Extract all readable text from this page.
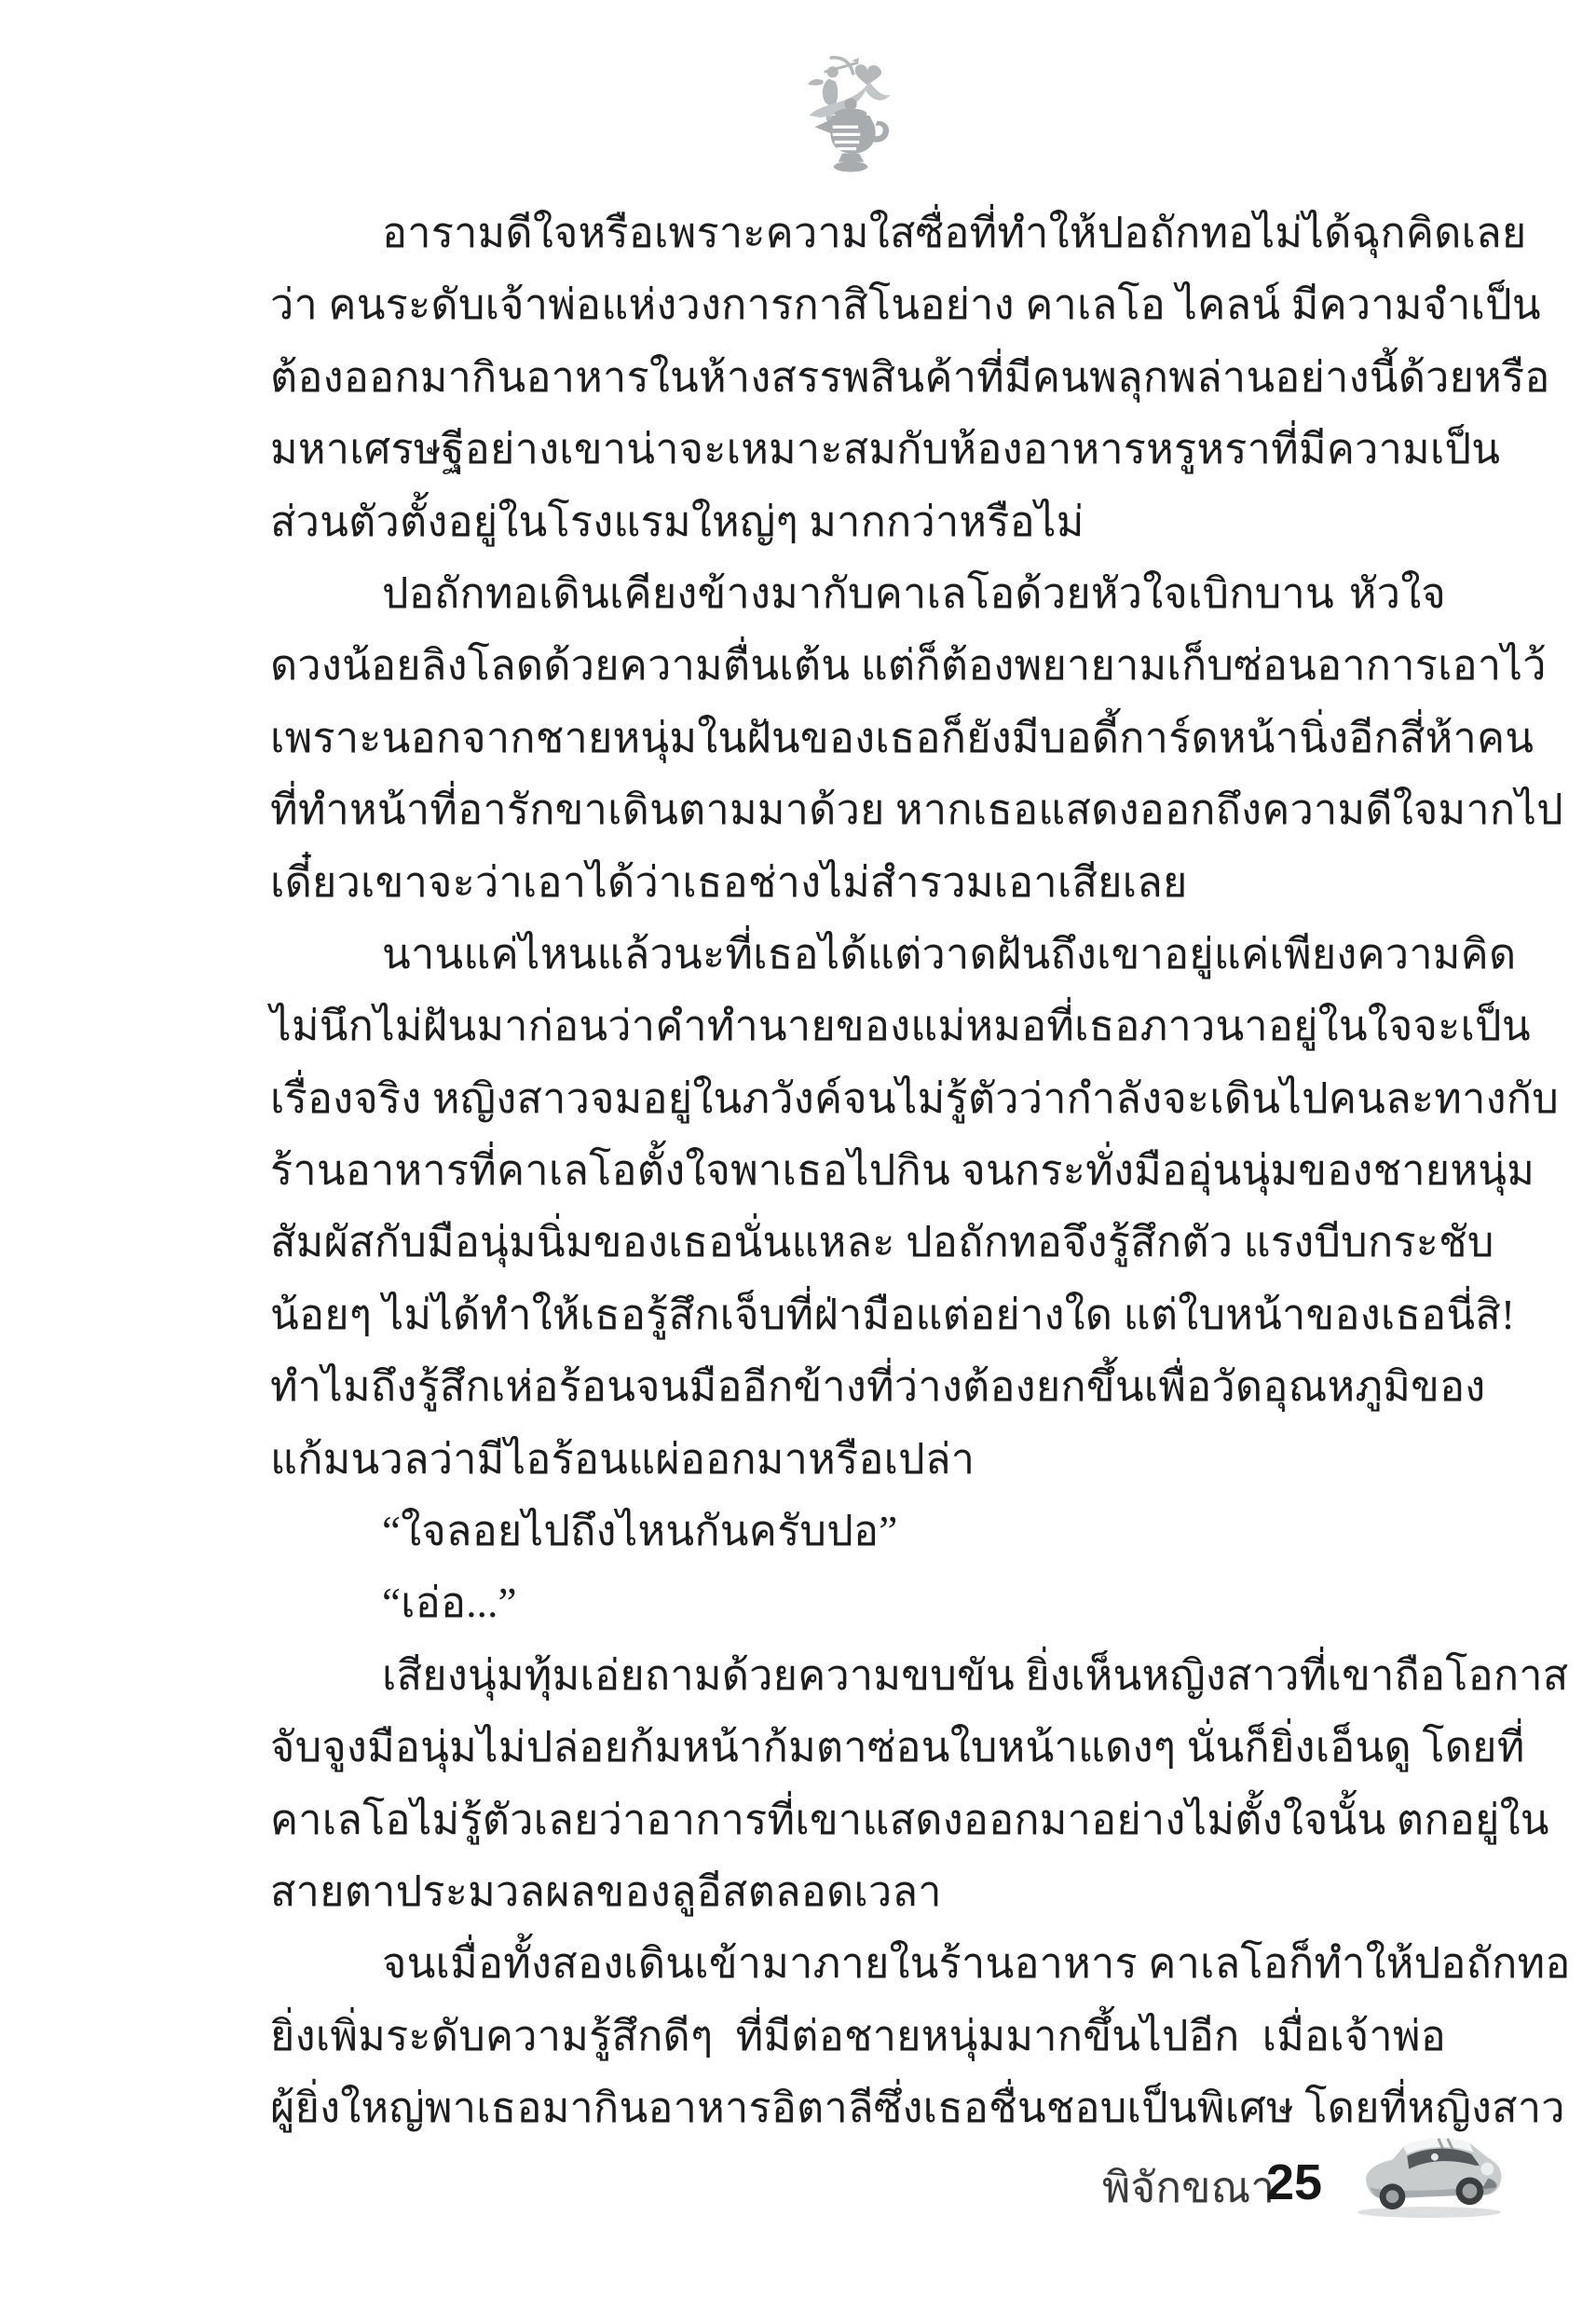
อารามดีใจหรือเพราะความใสซื่อที่ทำให้ปอถักทอไม่ได้ฉุกคิดเลย
ว่า คนระดับเจ้าพ่อแห่งวงการกาสิโนอย่าง คาเลโอ ไคลน์ มีความจำเป็น
ต้องออกมากินอาหารในห้างสรรพสินค้าที่มีคนพลุกพล่านอย่างนี้ด้วยหรือ
มหาเศรษฐีอย่างเขาน่าจะเหมาะสมกับห้องอาหารหรูหราที่มีความเป็น
ส่วนตัวตั้งอยู่ในโรงแรมใหญ่ๆ มากกว่าหรือไม่
ปอถักทอเดินเคียงข้างมากับคาเลโอด้วยหัวใจเบิกบาน หัวใจ
ดวงน้อยลิงโลดด้วยความตื่นเต้น แต่ก็ต้องพยายามเก็บซ่อนอาการเอาไว้
เพราะนอกจากชายหนุ่มในฝันของเธอก็ยังมีบอดี้การ์ดหน้านิ่งอีกสี่ห้าคน
ที่ทำหน้าที่อารักขาเดินตามมาด้วย หากเธอแสดงออกถึงความดีใจมากไป
เดี๋ยวเขาจะว่าเอาได้ว่าเธอช่างไม่สำรวมเอาเสียเลย
นานแค่ไหนแล้วนะที่เธอได้แต่วาดฝันถึงเขาอยู่แค่เพียงความคิด
ไม่นึกไม่ฝันมาก่อนว่าคำทำนายของแม่หมอที่เธอภาวนาอยู่ในใจจะเป็น
เรื่องจริง หญิงสาวจมอยู่ในภวังค์จนไม่รู้ตัวว่ากำลังจะเดินไปคนละทางกับ
ร้านอาหารที่คาเลโอตั้งใจพาเธอไปกิน จนกระทั่งมืออุ่นนุ่มของชายหนุ่ม
สัมผัสกับมือนุ่มนิ่มของเธอนั่นแหละ ปอถักทอจึงรู้สึกตัว แรงบีบกระชับ
น้อยๆ ไม่ได้ทำให้เธอรู้สึกเจ็บที่ฝ่ามือแต่อย่างใด แต่ใบหน้าของเธอนี่สิ!
ทำไมถึงรู้สึกเห่อร้อนจนมืออีกข้างที่ว่างต้องยกขึ้นเพื่อวัดอุณหภูมิของ
แก้มนวลว่ามีไอร้อนแผ่ออกมาหรือเปล่า
“ใจลอยไปถึงไหนกันครับปอ”
“เอ่อ...”
เสียงนุ่มทุ้มเอ่ยถามด้วยความขบขัน ยิ่งเห็นหญิงสาวที่เขาถือโอกาส
จับจูงมือนุ่มไม่ปล่อยก้มหน้าก้มตาซ่อนใบหน้าแดงๆ นั่นก็ยิ่งเอ็นดู โดยที่
คาเลโอไม่รู้ตัวเลยว่าอาการที่เขาแสดงออกมาอย่างไม่ตั้งใจนั้น ตกอยู่ใน
สายตาประมวลผลของลูอีสตลอดเวลา
จนเมื่อทั้งสองเดินเข้ามาภายในร้านอาหาร คาเลโอก็ทำให้ปอถักทอ
ยิ่งเพิ่มระดับความรู้สึกดีๆ ที่มีต่อชายหนุ่มมากขึ้นไปอีก เมื่อเจ้าพ่อ
ผู้ยิ่งใหญ่พาเธอมากินอาหารอิตาลีซึ่งเธอชื่นชอบเป็นพิเศษ โดยที่หญิงสาว
พิจักขณา
25
